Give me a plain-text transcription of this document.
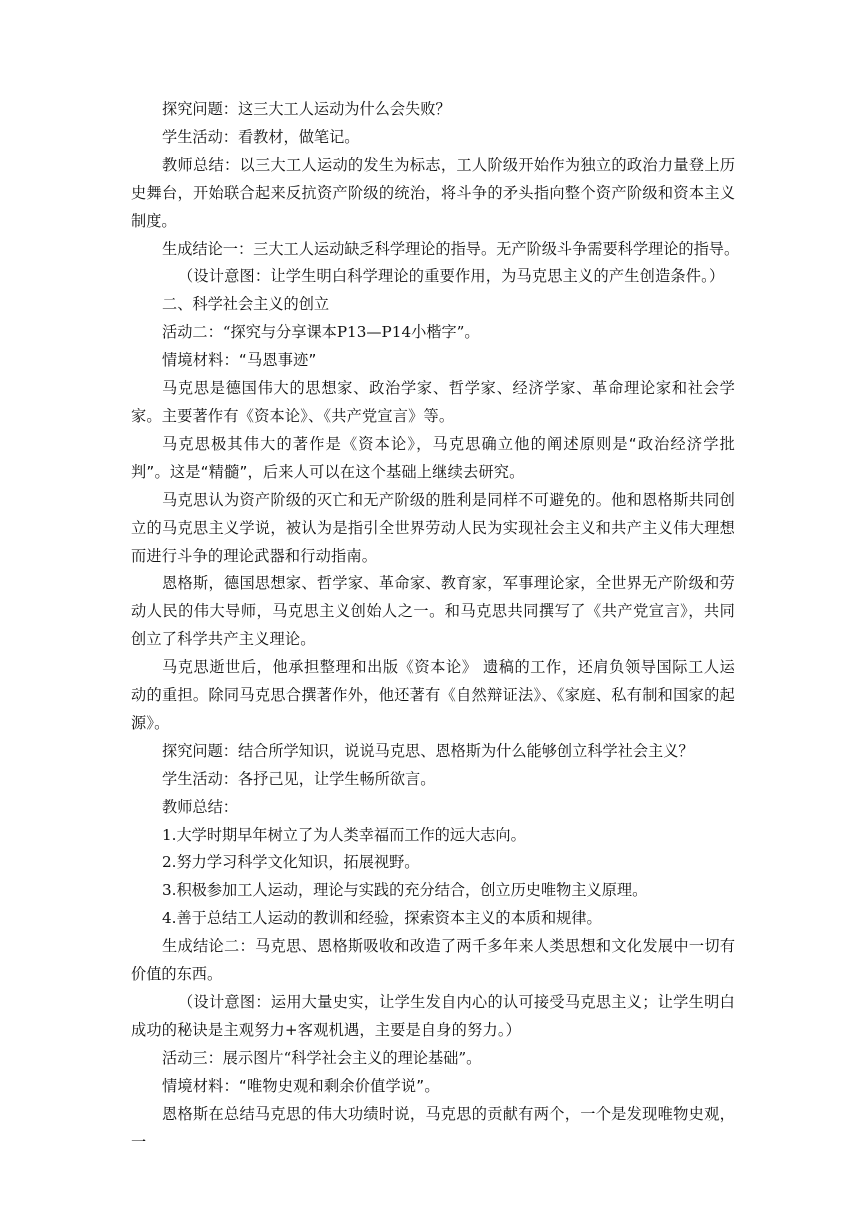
探究问题：这三大工人运动为什么会失败？

学生活动：看教材，做笔记。

教师总结：以三大工人运动的发生为标志，工人阶级开始作为独立的政治力量登上历史舞台，开始联合起来反抗资产阶级的统治，将斗争的矛头指向整个资产阶级和资本主义制度。

生成结论一：三大工人运动缺乏科学理论的指导。无产阶级斗争需要科学理论的指导。

（设计意图：让学生明白科学理论的重要作用，为马克思主义的产生创造条件。）

二、科学社会主义的创立

活动二：“探究与分享课本P13—P14小楷字”。

情境材料：“马恩事迹”

马克思是德国伟大的思想家、政治学家、哲学家、经济学家、革命理论家和社会学家。主要著作有《资本论》、《共产党宣言》等。

马克思极其伟大的著作是《资本论》，马克思确立他的阐述原则是“政治经济学批判”。这是“精髓”，后来人可以在这个基础上继续去研究。

马克思认为资产阶级的灭亡和无产阶级的胜利是同样不可避免的。他和恩格斯共同创立的马克思主义学说，被认为是指引全世界劳动人民为实现社会主义和共产主义伟大理想而进行斗争的理论武器和行动指南。

恩格斯，德国思想家、哲学家、革命家、教育家，军事理论家，全世界无产阶级和劳动人民的伟大导师，马克思主义创始人之一。和马克思共同撰写了《共产党宣言》，共同创立了科学共产主义理论。

马克思逝世后，他承担整理和出版《资本论》 遗稿的工作，还肩负领导国际工人运动的重担。除同马克思合撰著作外，他还著有《自然辩证法》、《家庭、私有制和国家的起源》。

探究问题：结合所学知识，说说马克思、恩格斯为什么能够创立科学社会主义？

学生活动：各抒己见，让学生畅所欲言。

教师总结：

1.大学时期早年树立了为人类幸福而工作的远大志向。

2.努力学习科学文化知识，拓展视野。

3.积极参加工人运动，理论与实践的充分结合，创立历史唯物主义原理。

4.善于总结工人运动的教训和经验，探索资本主义的本质和规律。

生成结论二：马克思、恩格斯吸收和改造了两千多年来人类思想和文化发展中一切有价值的东西。

（设计意图：运用大量史实，让学生发自内心的认可接受马克思主义；让学生明白成功的秘诀是主观努力+客观机遇，主要是自身的努力。）

活动三：展示图片“科学社会主义的理论基础”。

情境材料：“唯物史观和剩余价值学说”。

恩格斯在总结马克思的伟大功绩时说，马克思的贡献有两个，一个是发现唯物史观，一
